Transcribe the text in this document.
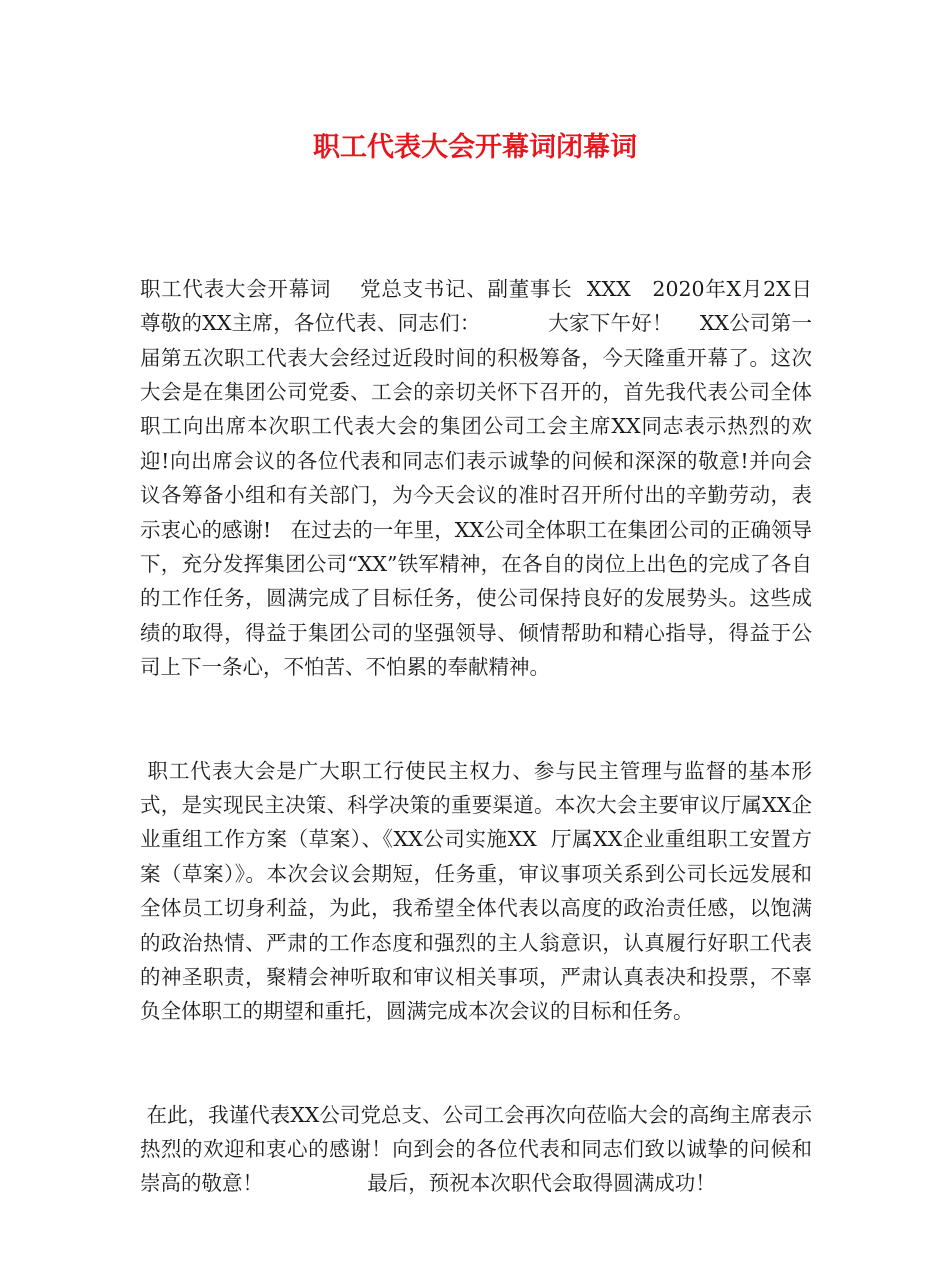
职工代表大会开幕词闭幕词

职工代表大会开幕词    党总支书记、副董事长  XXX   2020年X月2X日    尊敬的XX主席，各位代表、同志们：          大家下午好！    XX公司第一届第五次职工代表大会经过近段时间的积极筹备，今天隆重开幕了。这次大会是在集团公司党委、工会的亲切关怀下召开的，首先我代表公司全体职工向出席本次职工代表大会的集团公司工会主席XX同志表示热烈的欢迎!向出席会议的各位代表和同志们表示诚挚的问候和深深的敬意!并向会议各筹备小组和有关部门，为今天会议的准时召开所付出的辛勤劳动，表示衷心的感谢!   在过去的一年里，XX公司全体职工在集团公司的正确领导下，充分发挥集团公司“XX”铁军精神，在各自的岗位上出色的完成了各自的工作任务，圆满完成了目标任务，使公司保持良好的发展势头。这些成绩的取得，得益于集团公司的坚强领导、倾情帮助和精心指导，得益于公司上下一条心，不怕苦、不怕累的奉献精神。

职工代表大会是广大职工行使民主权力、参与民主管理与监督的基本形式，是实现民主决策、科学决策的重要渠道。本次大会主要审议厅属XX企业重组工作方案（草案）、《XX公司实施XX  厅属XX企业重组职工安置方案（草案）》。本次会议会期短，任务重，审议事项关系到公司长远发展和全体员工切身利益，为此，我希望全体代表以高度的政治责任感，以饱满的政治热情、严肃的工作态度和强烈的主人翁意识，认真履行好职工代表的神圣职责，聚精会神听取和审议相关事项，严肃认真表决和投票，不辜负全体职工的期望和重托，圆满完成本次会议的目标和任务。

在此，我谨代表XX公司党总支、公司工会再次向莅临大会的高绚主席表示热烈的欢迎和衷心的感谢！向到会的各位代表和同志们致以诚挚的问候和崇高的敬意！                最后，预祝本次职代会取得圆满成功！
